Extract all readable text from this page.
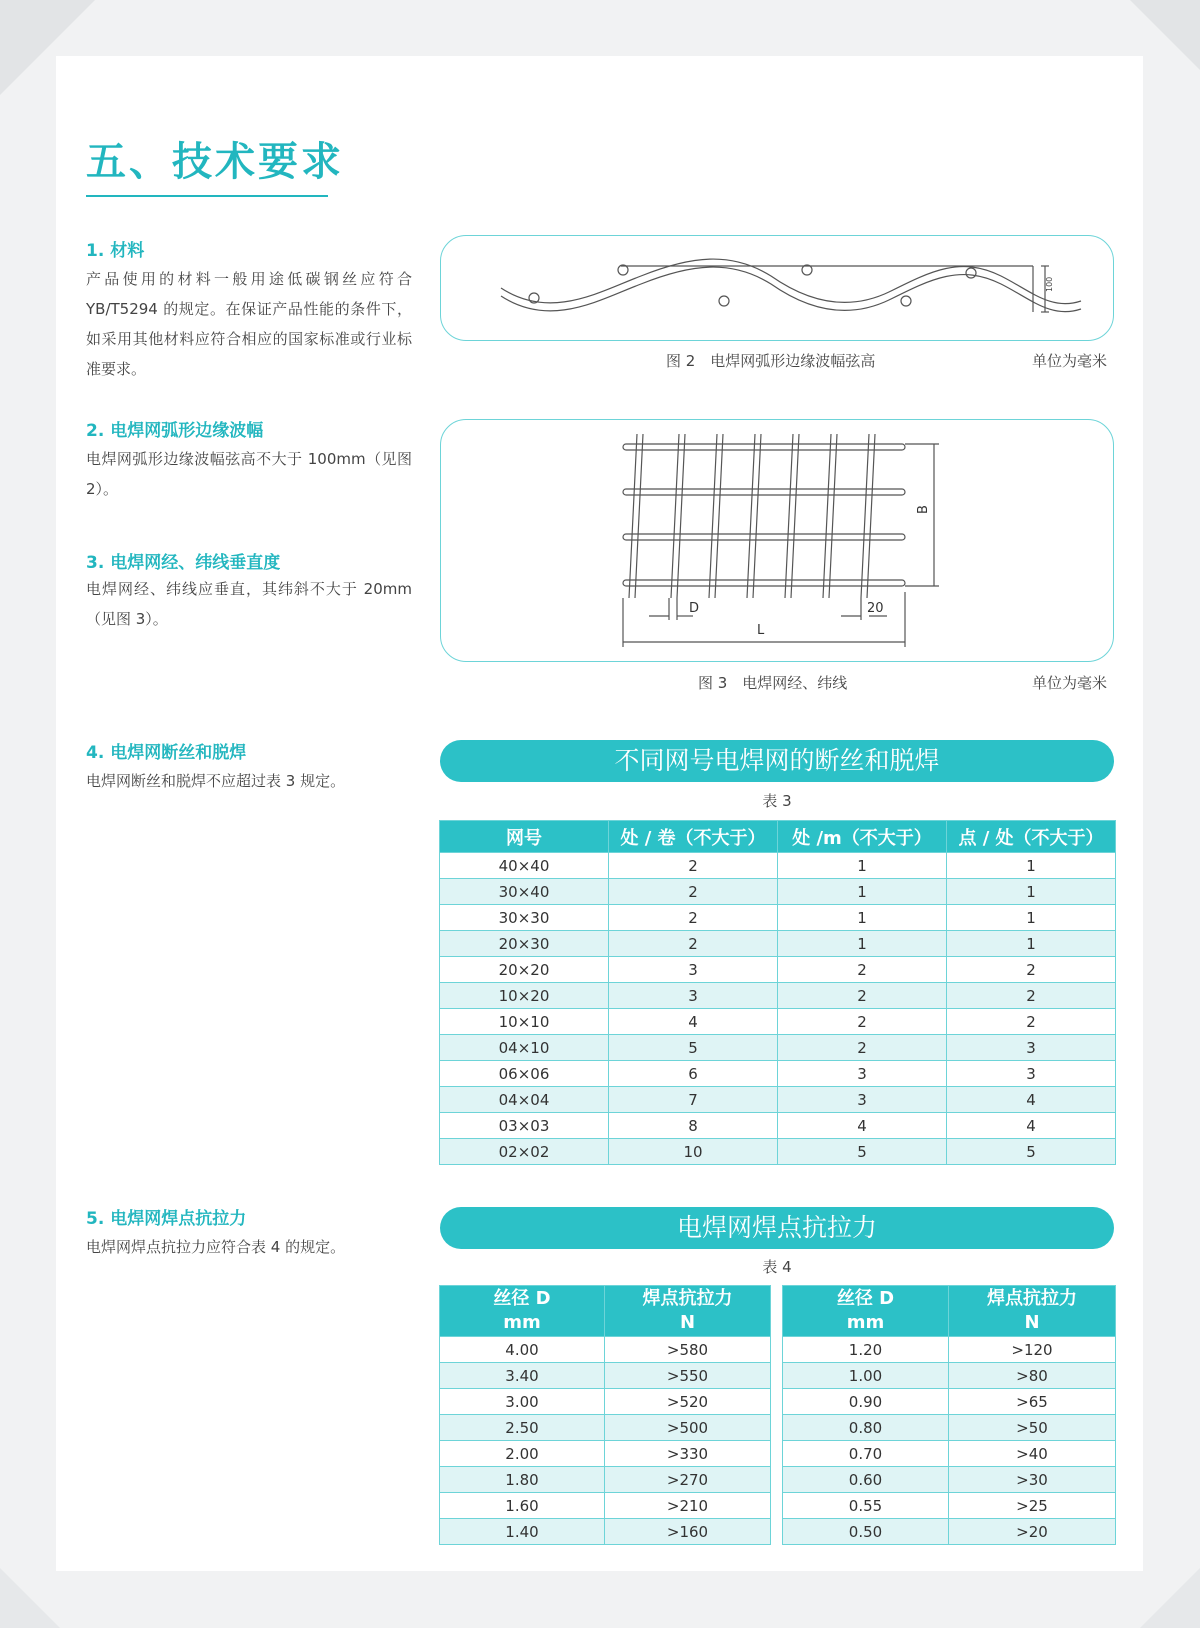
五、技术要求
1. 材料

产品使用的材料一般用途低碳钢丝应符合 YB/T5294 的规定。在保证产品性能的条件下，如采用其他材料应符合相应的国家标准或行业标准要求。

2. 电焊网弧形边缘波幅

电焊网弧形边缘波幅弦高不大于 100mm（见图 2）。

3. 电焊网经、纬线垂直度

电焊网经、纬线应垂直，其纬斜不大于 20mm（见图 3）。

4. 电焊网断丝和脱焊

电焊网断丝和脱焊不应超过表 3 规定。

5. 电焊网焊点抗拉力

电焊网焊点抗拉力应符合表 4 的规定。

100
图 2　电焊网弧形边缘波幅弦高	单位为毫米
B
D	20
L
图 3　电焊网经、纬线	单位为毫米
不同网号电焊网的断丝和脱焊
表 3
网号	处 / 卷（不大于）	处 /m（不大于）	点 / 处（不大于）
40×40	2	1	1
30×40	2	1	1
30×30	2	1	1
20×30	2	1	1
20×20	3	2	2
10×20	3	2	2
10×10	4	2	2
04×10	5	2	3
06×06	6	3	3
04×04	7	3	4
03×03	8	4	4
02×02	10	5	5
电焊网焊点抗拉力
表 4
丝径 D
mm	焊点抗拉力
N
4.00	>580
3.40	>550
3.00	>520
2.50	>500
2.00	>330
1.80	>270
1.60	>210
1.40	>160
丝径 D
mm	焊点抗拉力
N
1.20	>120
1.00	>80
0.90	>65
0.80	>50
0.70	>40
0.60	>30
0.55	>25
0.50	>20
